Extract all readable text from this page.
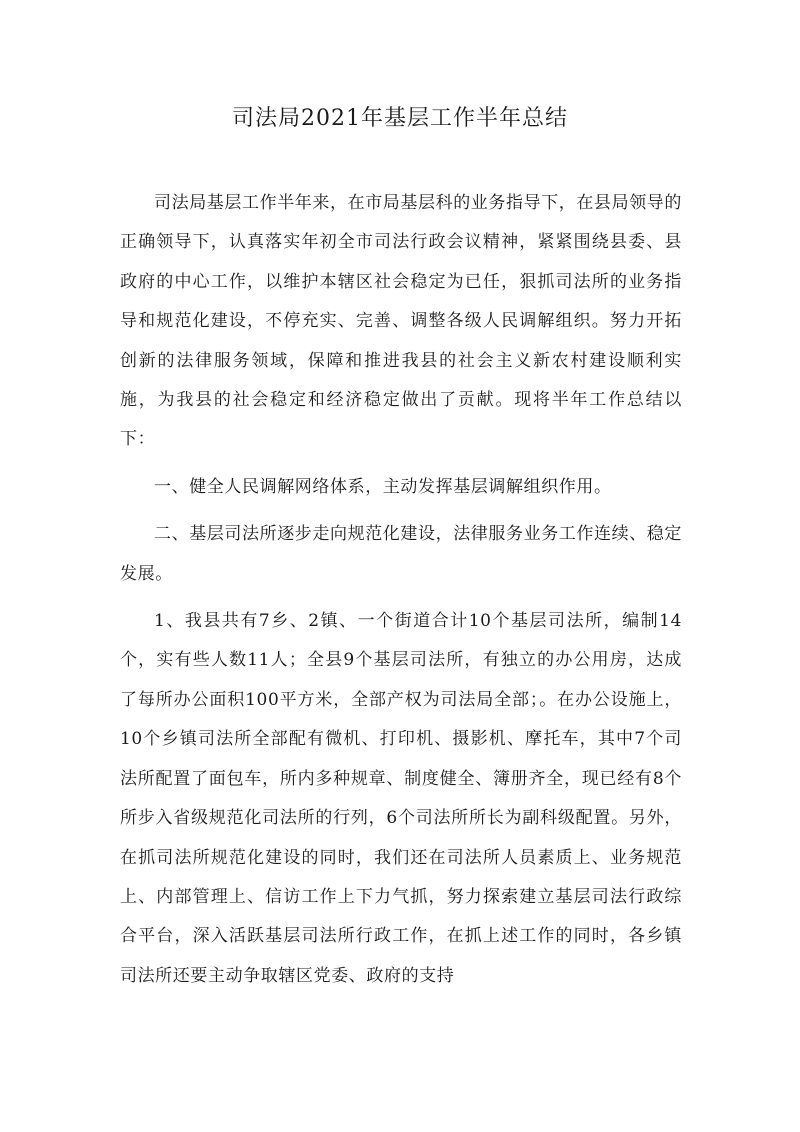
司法局2021年基层工作半年总结

司法局基层工作半年来，在市局基层科的业务指导下，在县局领导的正确领导下，认真落实年初全市司法行政会议精神，紧紧围绕县委、县政府的中心工作，以维护本辖区社会稳定为已任，狠抓司法所的业务指导和规范化建设，不停充实、完善、调整各级人民调解组织。努力开拓创新的法律服务领域，保障和推进我县的社会主义新农村建设顺利实施，为我县的社会稳定和经济稳定做出了贡献。现将半年工作总结以下：

一、健全人民调解网络体系，主动发挥基层调解组织作用。

二、基层司法所逐步走向规范化建设，法律服务业务工作连续、稳定发展。

1、我县共有7乡、2镇、一个街道合计10个基层司法所，编制14个，实有些人数11人；全县9个基层司法所，有独立的办公用房，达成了每所办公面积100平方米，全部产权为司法局全部；。在办公设施上，10个乡镇司法所全部配有微机、打印机、摄影机、摩托车，其中7个司法所配置了面包车，所内多种规章、制度健全、簿册齐全，现已经有8个所步入省级规范化司法所的行列，6个司法所所长为副科级配置。另外，在抓司法所规范化建设的同时，我们还在司法所人员素质上、业务规范上、内部管理上、信访工作上下力气抓，努力探索建立基层司法行政综合平台，深入活跃基层司法所行政工作，在抓上述工作的同时，各乡镇司法所还要主动争取辖区党委、政府的支持
